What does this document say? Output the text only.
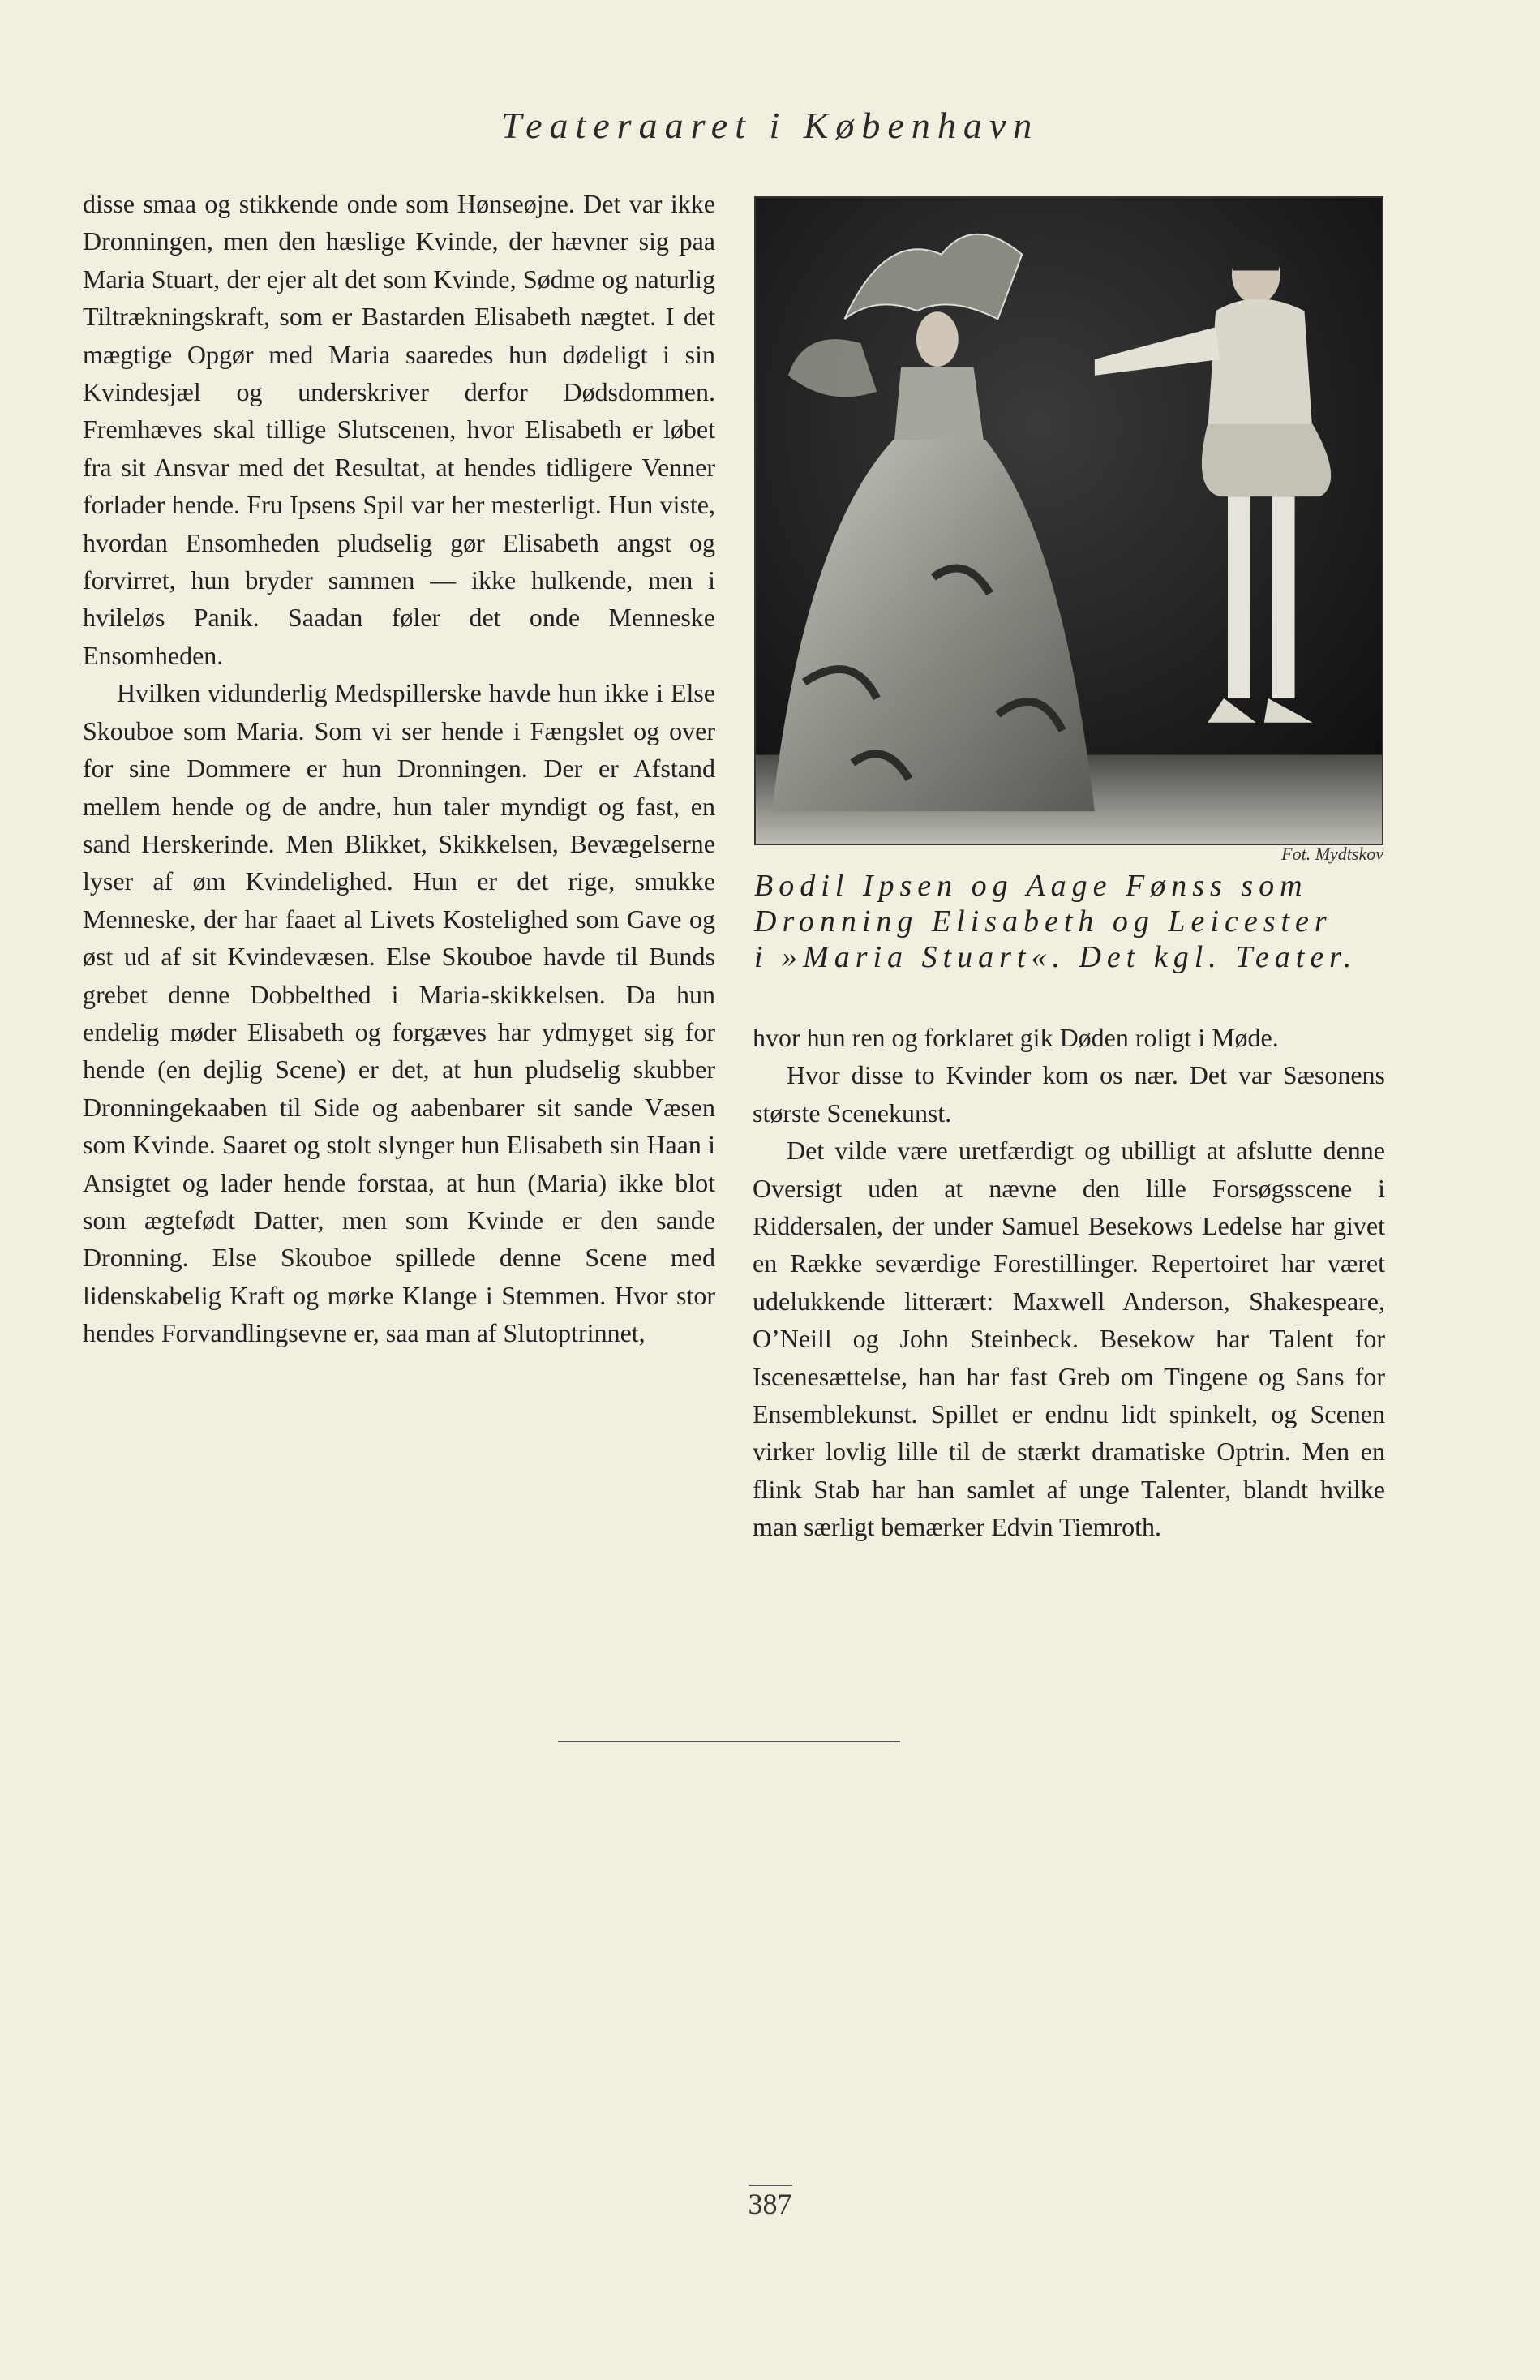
Teateraaret i København

disse smaa og stikkende onde som Hønseøjne. Det var ikke Dronningen, men den hæslige Kvinde, der hævner sig paa Maria Stuart, der ejer alt det som Kvinde, Sødme og naturlig Tiltrækningskraft, som er Bastarden Elisabeth nægtet. I det mægtige Opgør med Maria saaredes hun dødeligt i sin Kvindesjæl og underskriver derfor Dødsdommen. Fremhæves skal tillige Slutscenen, hvor Elisabeth er løbet fra sit Ansvar med det Resultat, at hendes tidligere Venner forlader hende. Fru Ipsens Spil var her mesterligt. Hun viste, hvordan Ensomheden pludselig gør Elisabeth angst og forvirret, hun bryder sammen — ikke hulkende, men i hvileløs Panik. Saadan føler det onde Menneske Ensomheden.

Hvilken vidunderlig Medspillerske havde hun ikke i Else Skouboe som Maria. Som vi ser hende i Fængslet og over for sine Dommere er hun Dronningen. Der er Afstand mellem hende og de andre, hun taler myndigt og fast, en sand Herskerinde. Men Blikket, Skikkelsen, Bevægelserne lyser af øm Kvindelighed. Hun er det rige, smukke Menneske, der har faaet al Livets Kostelighed som Gave og øst ud af sit Kvindevæsen. Else Skouboe havde til Bunds grebet denne Dobbelthed i Maria-skikkelsen. Da hun endelig møder Elisabeth og forgæves har ydmyget sig for hende (en dejlig Scene) er det, at hun pludselig skubber Dronningekaaben til Side og aabenbarer sit sande Væsen som Kvinde. Saaret og stolt slynger hun Elisabeth sin Haan i Ansigtet og lader hende forstaa, at hun (Maria) ikke blot som ægtefødt Datter, men som Kvinde er den sande Dronning. Else Skouboe spillede denne Scene med lidenskabelig Kraft og mørke Klange i Stemmen. Hvor stor hendes Forvandlingsevne er, saa man af Slutoptrinnet,

Fot. Mydtskov
Bodil Ipsen og Aage Fønss som
Dronning Elisabeth og Leicester
i »Maria Stuart«. Det kgl. Teater.

hvor hun ren og forklaret gik Døden roligt i Møde.

Hvor disse to Kvinder kom os nær. Det var Sæsonens største Scenekunst.

Det vilde være uretfærdigt og ubilligt at afslutte denne Oversigt uden at nævne den lille Forsøgsscene i Riddersalen, der under Samuel Besekows Ledelse har givet en Række seværdige Forestillinger. Repertoiret har været udelukkende litterært: Maxwell Anderson, Shakespeare, O’Neill og John Steinbeck. Besekow har Talent for Iscenesættelse, han har fast Greb om Tingene og Sans for Ensemblekunst. Spillet er endnu lidt spinkelt, og Scenen virker lovlig lille til de stærkt dramatiske Optrin. Men en flink Stab har han samlet af unge Talenter, blandt hvilke man særligt bemærker Edvin Tiemroth.

387
